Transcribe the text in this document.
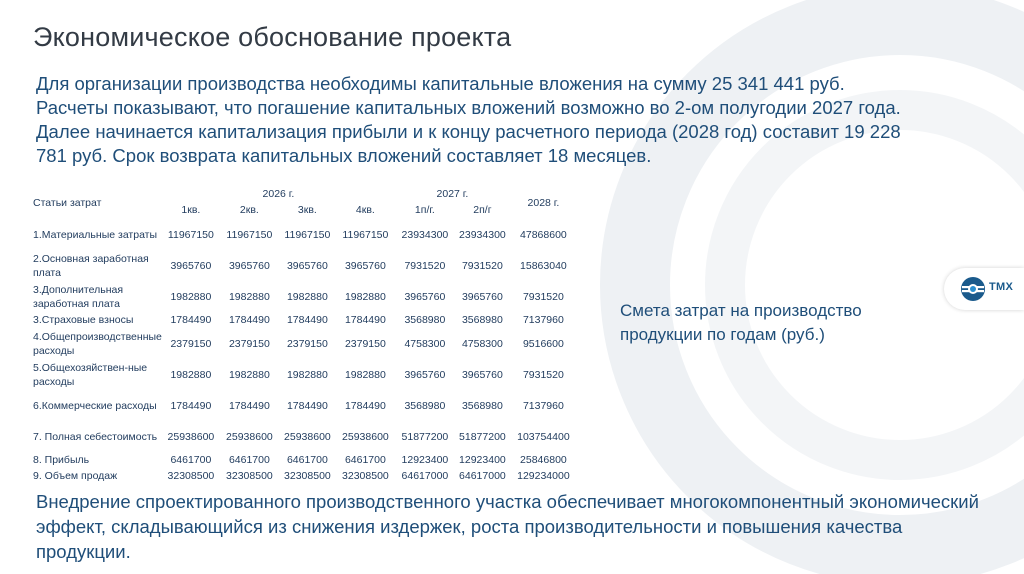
Экономическое обоснование проекта

Для организации производства необходимы капитальные вложения на сумму 25 341 441 руб. Расчеты показывают, что погашение капитальных вложений возможно во 2-ом полугодии 2027 года. Далее начинается капитализация прибыли и к концу расчетного периода (2028 год) составит 19 228 781 руб. Срок возврата капитальных вложений составляет 18 месяцев.

Статьи затрат	2026 г.				2027 г.		2028 г.
	1кв.	2кв.	3кв.	4кв.	1п/г.	2п/г	
1.Материальные затраты	11967150	11967150	11967150	11967150	23934300	23934300	47868600
2.Основная заработная плата	3965760	3965760	3965760	3965760	7931520	7931520	15863040
3.Дополнительная заработная плата	1982880	1982880	1982880	1982880	3965760	3965760	7931520
3.Страховые взносы	1784490	1784490	1784490	1784490	3568980	3568980	7137960
4.Общепроизводственные расходы	2379150	2379150	2379150	2379150	4758300	4758300	9516600
5.Общехозяйствен-ные расходы	1982880	1982880	1982880	1982880	3965760	3965760	7931520
6.Коммерческие расходы	1784490	1784490	1784490	1784490	3568980	3568980	7137960
7. Полная себестоимость	25938600	25938600	25938600	25938600	51877200	51877200	103754400
8. Прибыль	6461700	6461700	6461700	6461700	12923400	12923400	25846800
9. Объем продаж	32308500	32308500	32308500	32308500	64617000	64617000	129234000
Смета затрат на производство продукции по годам (руб.)

Внедрение спроектированного производственного участка обеспечивает многокомпонентный экономический эффект, складывающийся из снижения издержек, роста производительности и повышения качества продукции.

ТМХ
